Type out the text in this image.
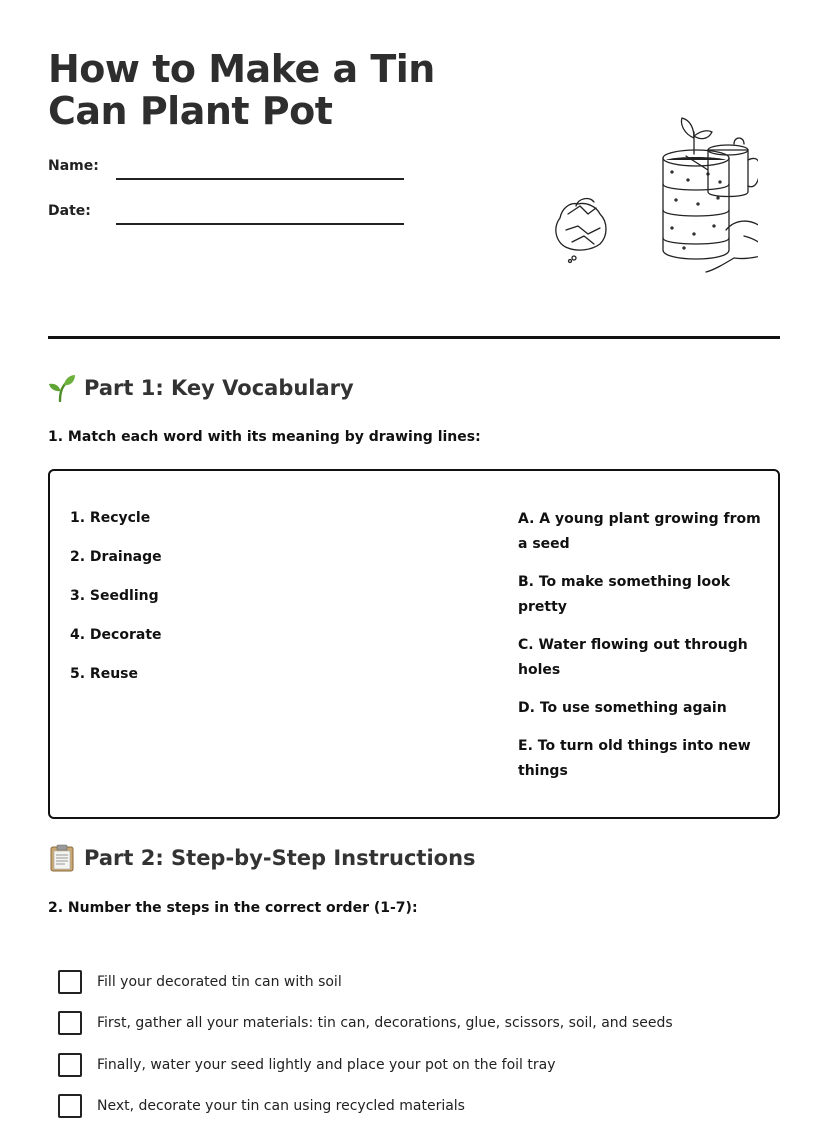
How to Make a Tin Can Plant Pot
Name:
Date:
Part 1: Key Vocabulary

1. Match each word with its meaning by drawing lines:

1. Recycle
2. Drainage
3. Seedling
4. Decorate
5. Reuse
A. A young plant growing from a seed
B. To make something look pretty
C. Water flowing out through holes
D. To use something again
E. To turn old things into new things
Part 2: Step-by-Step Instructions

2. Number the steps in the correct order (1-7):

Fill your decorated tin can with soil
First, gather all your materials: tin can, decorations, glue, scissors, soil, and seeds
Finally, water your seed lightly and place your pot on the foil tray
Next, decorate your tin can using recycled materials
